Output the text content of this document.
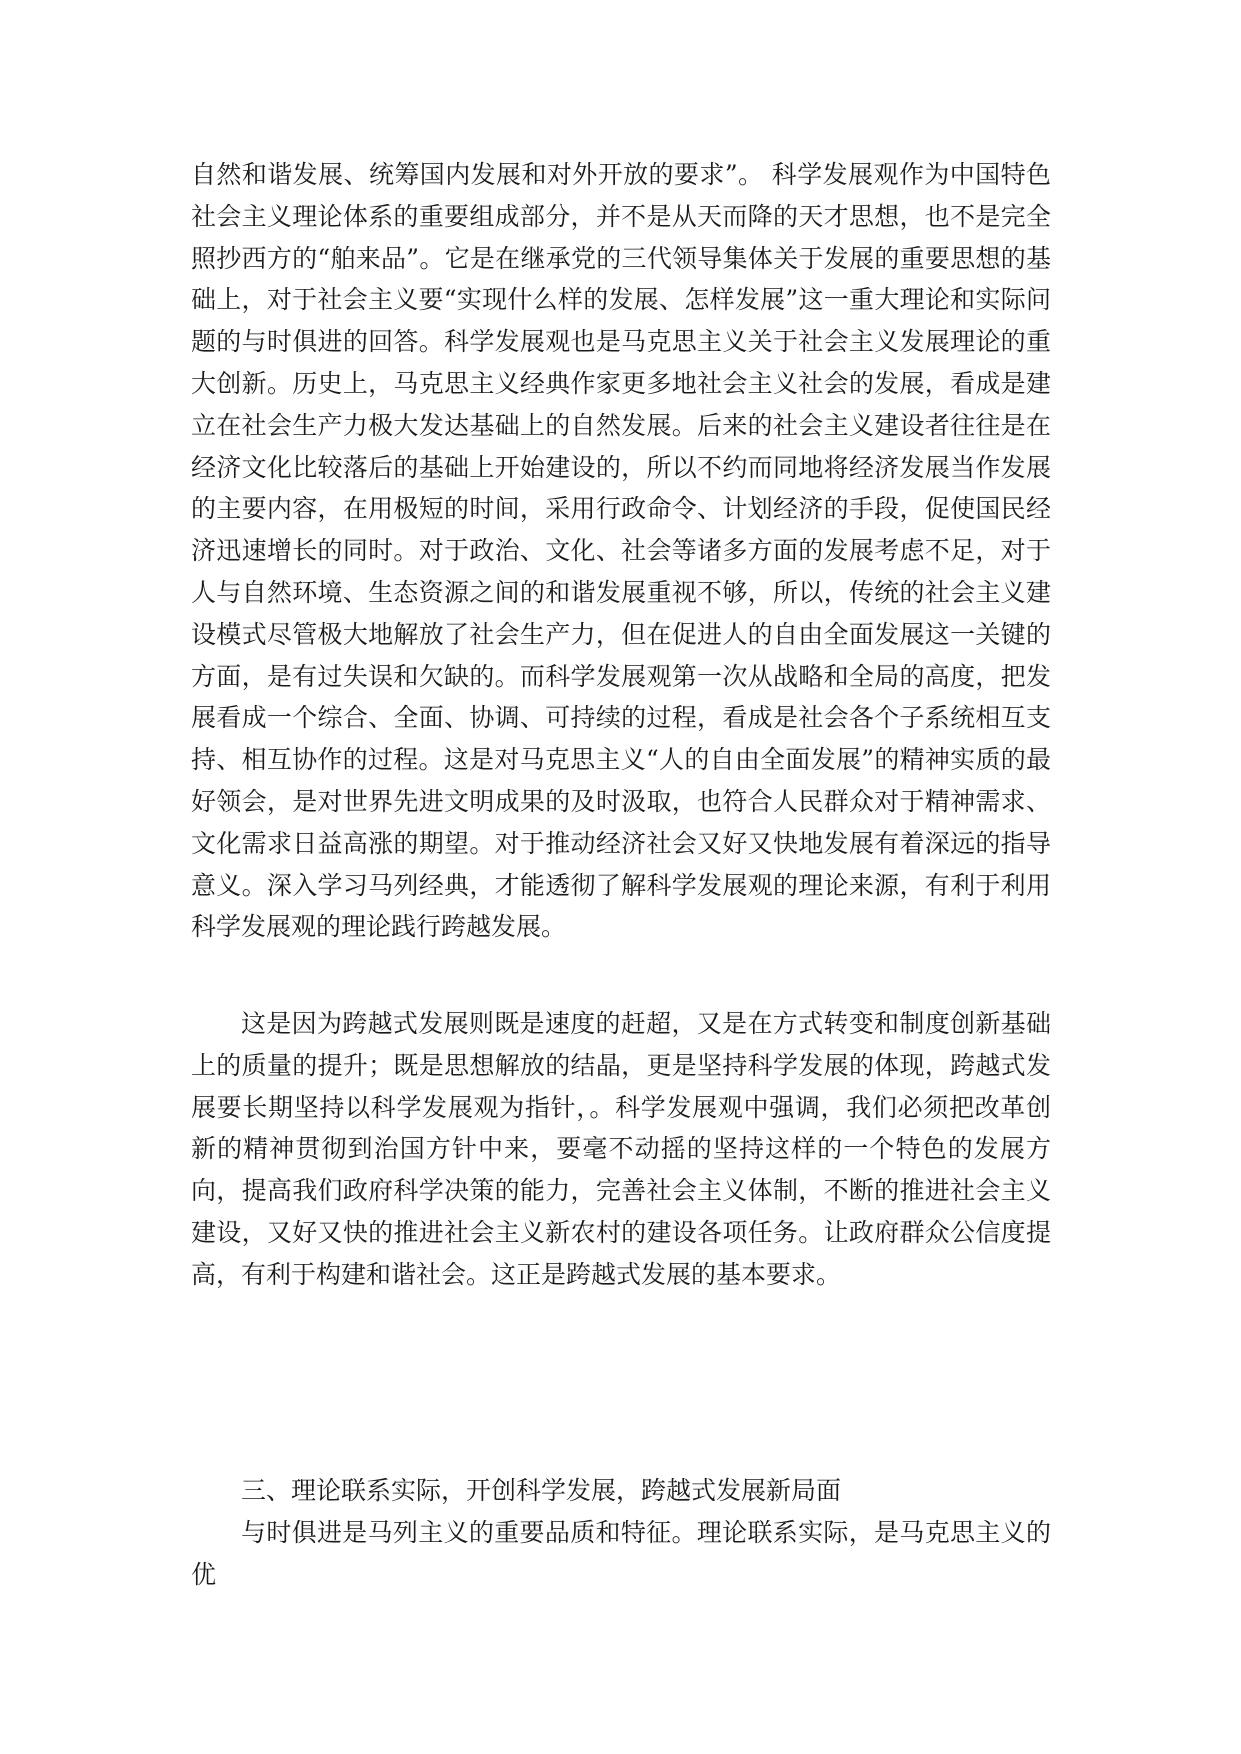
自然和谐发展、统筹国内发展和对外开放的要求”。 科学发展观作为中国特色社会主义理论体系的重要组成部分，并不是从天而降的天才思想，也不是完全照抄西方的“舶来品”。它是在继承党的三代领导集体关于发展的重要思想的基础上，对于社会主义要“实现什么样的发展、怎样发展”这一重大理论和实际问题的与时俱进的回答。科学发展观也是马克思主义关于社会主义发展理论的重大创新。历史上，马克思主义经典作家更多地社会主义社会的发展，看成是建立在社会生产力极大发达基础上的自然发展。后来的社会主义建设者往往是在经济文化比较落后的基础上开始建设的，所以不约而同地将经济发展当作发展的主要内容，在用极短的时间，采用行政命令、计划经济的手段，促使国民经济迅速增长的同时。对于政治、文化、社会等诸多方面的发展考虑不足，对于人与自然环境、生态资源之间的和谐发展重视不够，所以，传统的社会主义建设模式尽管极大地解放了社会生产力，但在促进人的自由全面发展这一关键的方面，是有过失误和欠缺的。而科学发展观第一次从战略和全局的高度，把发展看成一个综合、全面、协调、可持续的过程，看成是社会各个子系统相互支持、相互协作的过程。这是对马克思主义“人的自由全面发展”的精神实质的最好领会，是对世界先进文明成果的及时汲取，也符合人民群众对于精神需求、文化需求日益高涨的期望。对于推动经济社会又好又快地发展有着深远的指导意义。深入学习马列经典，才能透彻了解科学发展观的理论来源，有利于利用科学发展观的理论践行跨越发展。

这是因为跨越式发展则既是速度的赶超，又是在方式转变和制度创新基础上的质量的提升；既是思想解放的结晶，更是坚持科学发展的体现，跨越式发展要长期坚持以科学发展观为指针，。科学发展观中强调，我们必须把改革创新的精神贯彻到治国方针中来，要毫不动摇的坚持这样的一个特色的发展方向，提高我们政府科学决策的能力，完善社会主义体制，不断的推进社会主义建设，又好又快的推进社会主义新农村的建设各项任务。让政府群众公信度提高，有利于构建和谐社会。这正是跨越式发展的基本要求。

三、理论联系实际，开创科学发展，跨越式发展新局面

与时俱进是马列主义的重要品质和特征。理论联系实际，是马克思主义的优
